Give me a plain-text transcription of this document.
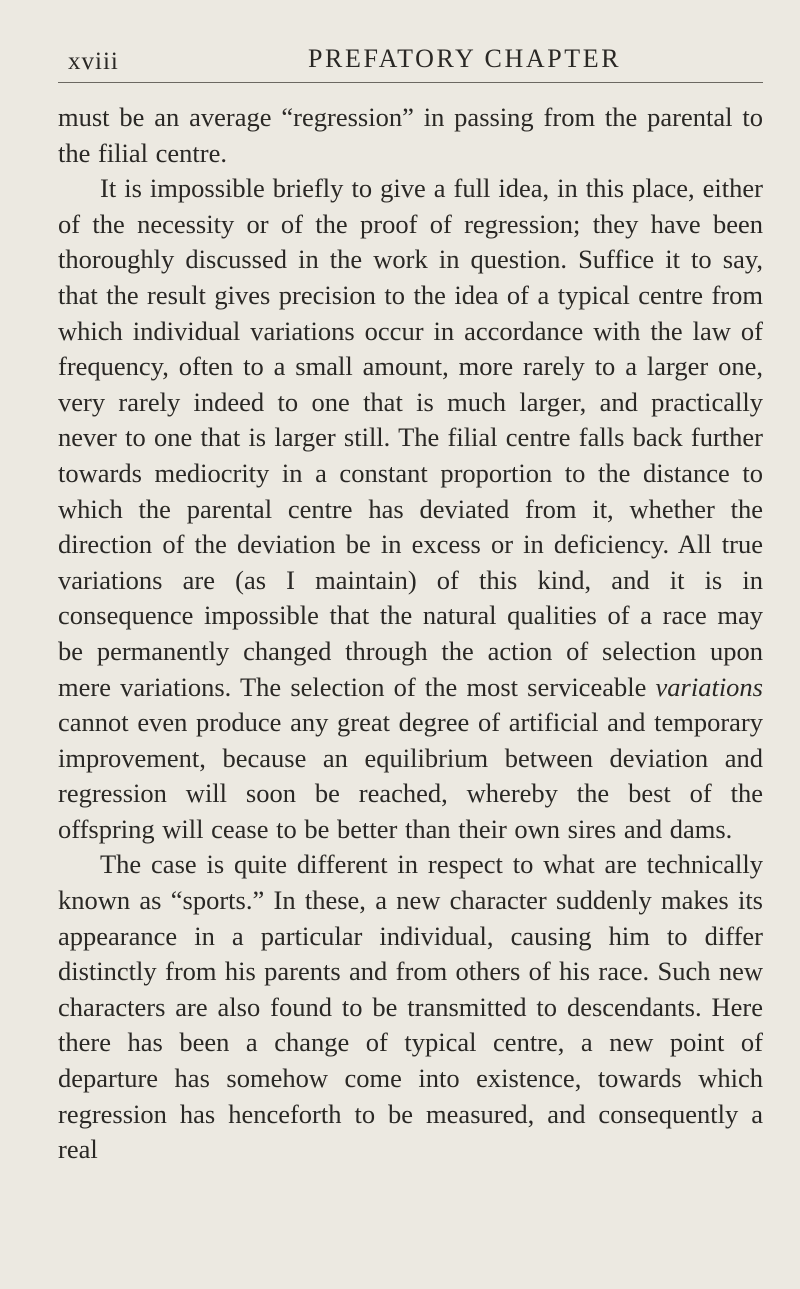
xviii	PREFATORY CHAPTER

must be an average “regression” in passing from the parental to the filial centre.

It is impossible briefly to give a full idea, in this place, either of the necessity or of the proof of regression; they have been thoroughly discussed in the work in question. Suffice it to say, that the result gives precision to the idea of a typical centre from which individual variations occur in accordance with the law of frequency, often to a small amount, more rarely to a larger one, very rarely indeed to one that is much larger, and practically never to one that is larger still. The filial centre falls back further towards mediocrity in a constant proportion to the distance to which the parental centre has deviated from it, whether the direction of the deviation be in excess or in deficiency. All true variations are (as I maintain) of this kind, and it is in consequence impossible that the natural qualities of a race may be permanently changed through the action of selection upon mere variations. The selection of the most serviceable variations cannot even produce any great degree of artificial and temporary improvement, because an equilibrium between deviation and regression will soon be reached, whereby the best of the offspring will cease to be better than their own sires and dams.

The case is quite different in respect to what are technically known as “sports.” In these, a new character suddenly makes its appearance in a particular individual, causing him to differ distinctly from his parents and from others of his race. Such new characters are also found to be transmitted to descendants. Here there has been a change of typical centre, a new point of departure has somehow come into existence, towards which regression has henceforth to be measured, and consequently a real
